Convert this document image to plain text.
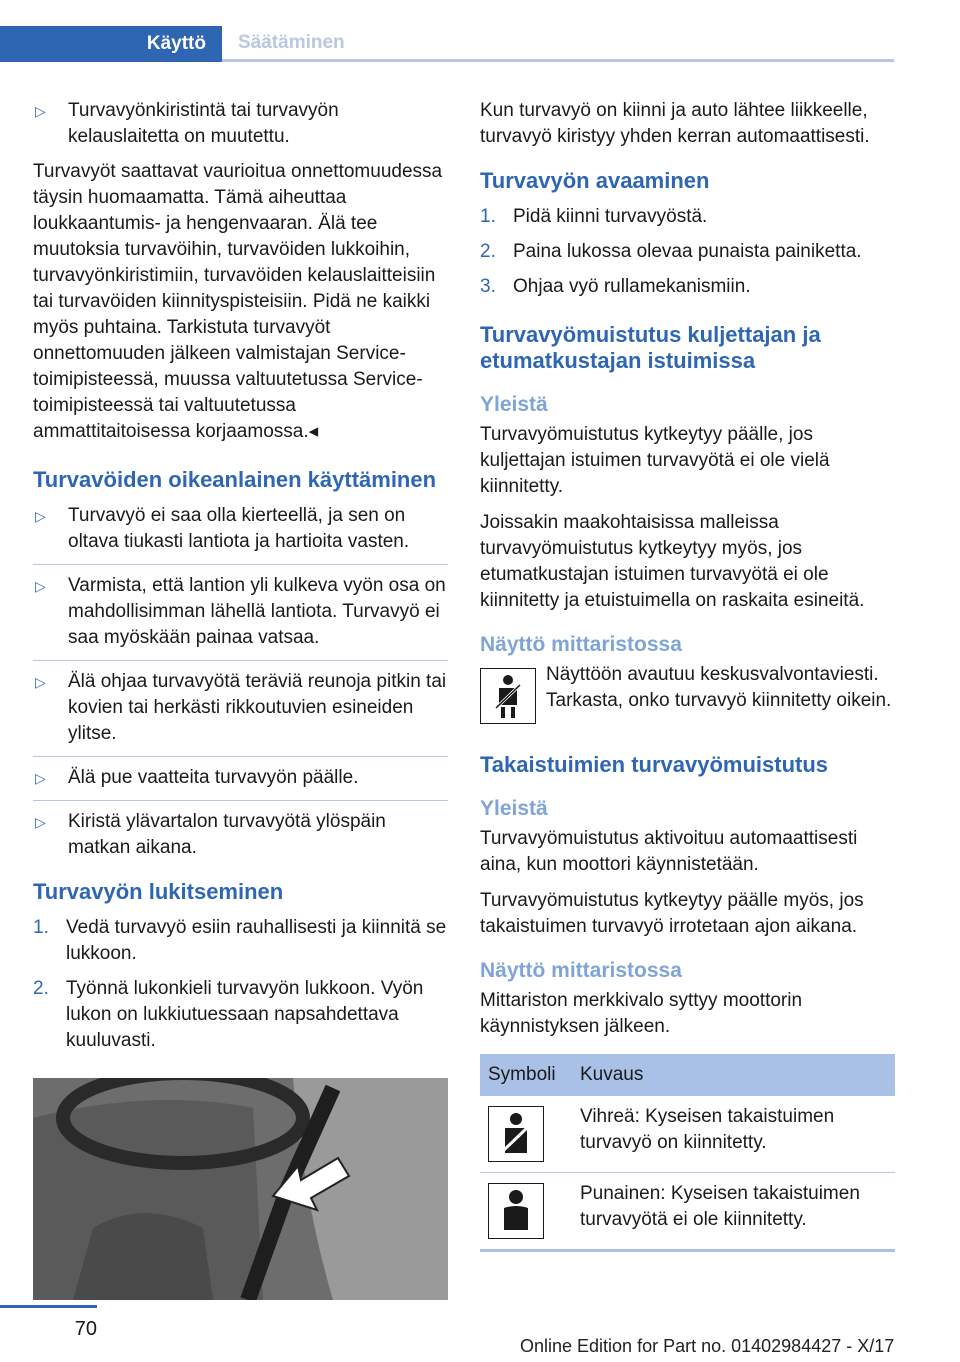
Käyttö	Säätäminen
▷	Turvavyönkiristintä tai turvavyön kelauslaitetta on muutettu.

Turvavyöt saattavat vaurioitua onnettomuudessa täysin huomaamatta. Tämä aiheuttaa loukkaantumis- ja hengenvaaran. Älä tee muutoksia turvavöihin, turvavöiden lukkoihin, turvavyönkiristimiin, turvavöiden kelauslaitteisiin tai turvavöiden kiinnityspisteisiin. Pidä ne kaikki myös puhtaina. Tarkistuta turvavyöt onnettomuuden jälkeen valmistajan Service-toimipisteessä, muussa valtuutetussa Service-toimipisteessä tai valtuutetussa ammattitaitoisessa korjaamossa.◂

Turvavöiden oikeanlainen käyttäminen
▷	Turvavyö ei saa olla kierteellä, ja sen on oltava tiukasti lantiota ja hartioita vasten.
▷	Varmista, että lantion yli kulkeva vyön osa on mahdollisimman lähellä lantiota. Turvavyö ei saa myöskään painaa vatsaa.
▷	Älä ohjaa turvavyötä teräviä reunoja pitkin tai kovien tai herkästi rikkoutuvien esineiden ylitse.
▷	Älä pue vaatteita turvavyön päälle.
▷	Kiristä ylävartalon turvavyötä ylöspäin matkan aikana.
Turvavyön lukitseminen
1. Vedä turvavyö esiin rauhallisesti ja kiinnitä se lukkoon.
2. Työnnä lukonkieli turvavyön lukkoon. Vyön lukon on lukkiutuessaan napsahdettava kuuluvasti.

Kun turvavyö on kiinni ja auto lähtee liikkeelle, turvavyö kiristyy yhden kerran automaattisesti.

Turvavyön avaaminen
1. Pidä kiinni turvavyöstä.
2. Paina lukossa olevaa punaista painiketta.
3. Ohjaa vyö rullamekanismiin.
Turvavyömuistutus kuljettajan ja etumatkustajan istuimissa
Yleistä

Turvavyömuistutus kytkeytyy päälle, jos kuljettajan istuimen turvavyötä ei ole vielä kiinnitetty.

Joissakin maakohtaisissa malleissa turvavyömuistutus kytkeytyy myös, jos etumatkustajan istuimen turvavyötä ei ole kiinnitetty ja etuistuimella on raskaita esineitä.

Näyttö mittaristossa
Näyttöön avautuu keskusvalvontaviesti. Tarkasta, onko turvavyö kiinnitetty oikein.
Takaistuimien turvavyömuistutus
Yleistä

Turvavyömuistutus aktivoituu automaattisesti aina, kun moottori käynnistetään.

Turvavyömuistutus kytkeytyy päälle myös, jos takaistuimen turvavyö irrotetaan ajon aikana.

Näyttö mittaristossa

Mittariston merkkivalo syttyy moottorin käynnistyksen jälkeen.

Symboli	Kuvaus

	Vihreä: Kyseisen takaistuimen turvavyö on kiinnitetty.

	Punainen: Kyseisen takaistuimen turvavyötä ei ole kiinnitetty.
70
Online Edition for Part no. 01402984427 - X/17
